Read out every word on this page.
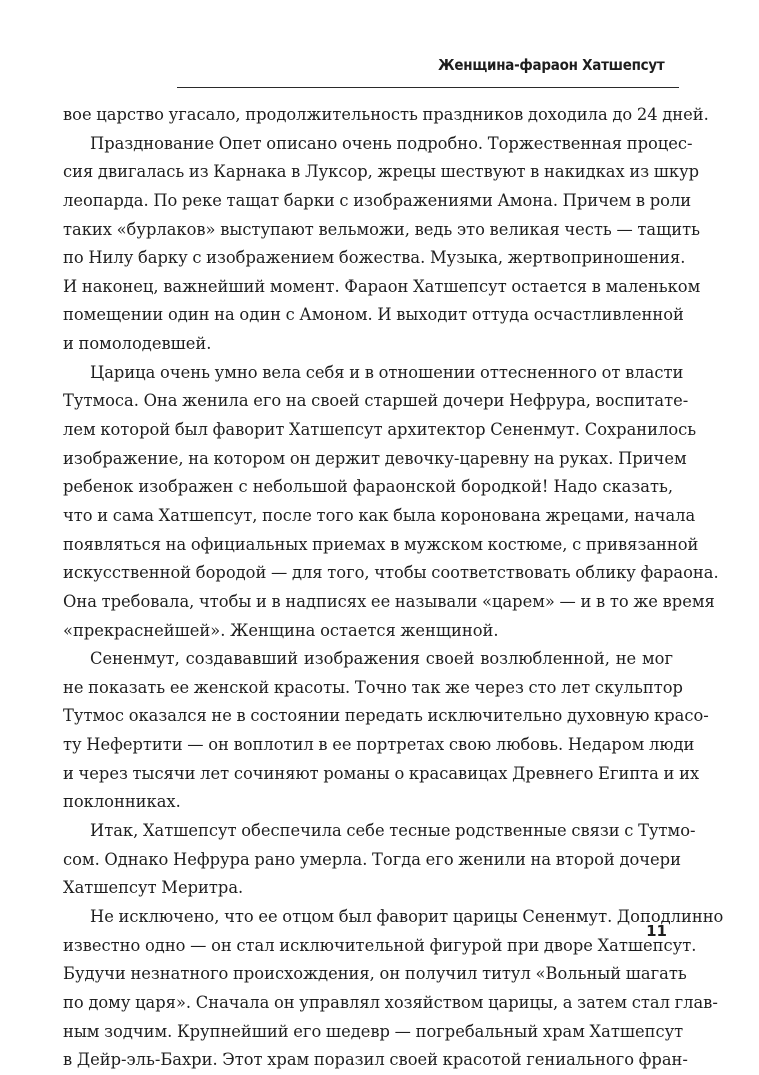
Женщина-фараон Хатшепсут
вое царство угасало, продолжительность праздников доходила до 24 дней.
Празднование Опет описано очень подробно. Торжественная процес-
сия двигалась из Карнака в Луксор, жрецы шествуют в накидках из шкур
леопарда. По реке тащат барки с изображениями Амона. Причем в роли
таких «бурлаков» выступают вельможи, ведь это великая честь — тащить
по Нилу барку с изображением божества. Музыка, жертвоприношения.
И наконец, важнейший момент. Фараон Хатшепсут остается в маленьком
помещении один на один с Амоном. И выходит оттуда осчастливленной
и помолодевшей.
Царица очень умно вела себя и в отношении оттесненного от власти
Тутмоса. Она женила его на своей старшей дочери Нефрура, воспитате-
лем которой был фаворит Хатшепсут архитектор Сененмут. Сохранилось
изображение, на котором он держит девочку-царевну на руках. Причем
ребенок изображен с небольшой фараонской бородкой! Надо сказать,
что и сама Хатшепсут, после того как была коронована жрецами, начала
появляться на официальных приемах в мужском костюме, с привязанной
искусственной бородой — для того, чтобы соответствовать облику фараона.
Она требовала, чтобы и в надписях ее называли «царем» — и в то же время
«прекраснейшей». Женщина остается женщиной.
Сененмут, создававший изображения своей возлюбленной, не мог
не показать ее женской красоты. Точно так же через сто лет скульптор
Тутмос оказался не в состоянии передать исключительно духовную красо-
ту Нефертити — он воплотил в ее портретах свою любовь. Недаром люди
и через тысячи лет сочиняют романы о красавицах Древнего Египта и их
поклонниках.
Итак, Хатшепсут обеспечила себе тесные родственные связи с Тутмо-
сом. Однако Нефрура рано умерла. Тогда его женили на второй дочери
Хатшепсут Меритра.
Не исключено, что ее отцом был фаворит царицы Сененмут. Доподлинно
известно одно — он стал исключительной фигурой при дворе Хатшепсут.
Будучи незнатного происхождения, он получил титул «Вольный шагать
по дому царя». Сначала он управлял хозяйством царицы, а затем стал глав-
ным зодчим. Крупнейший его шедевр — погребальный храм Хатшепсут
в Дейр-эль-Бахри. Этот храм поразил своей красотой гениального фран-
11
